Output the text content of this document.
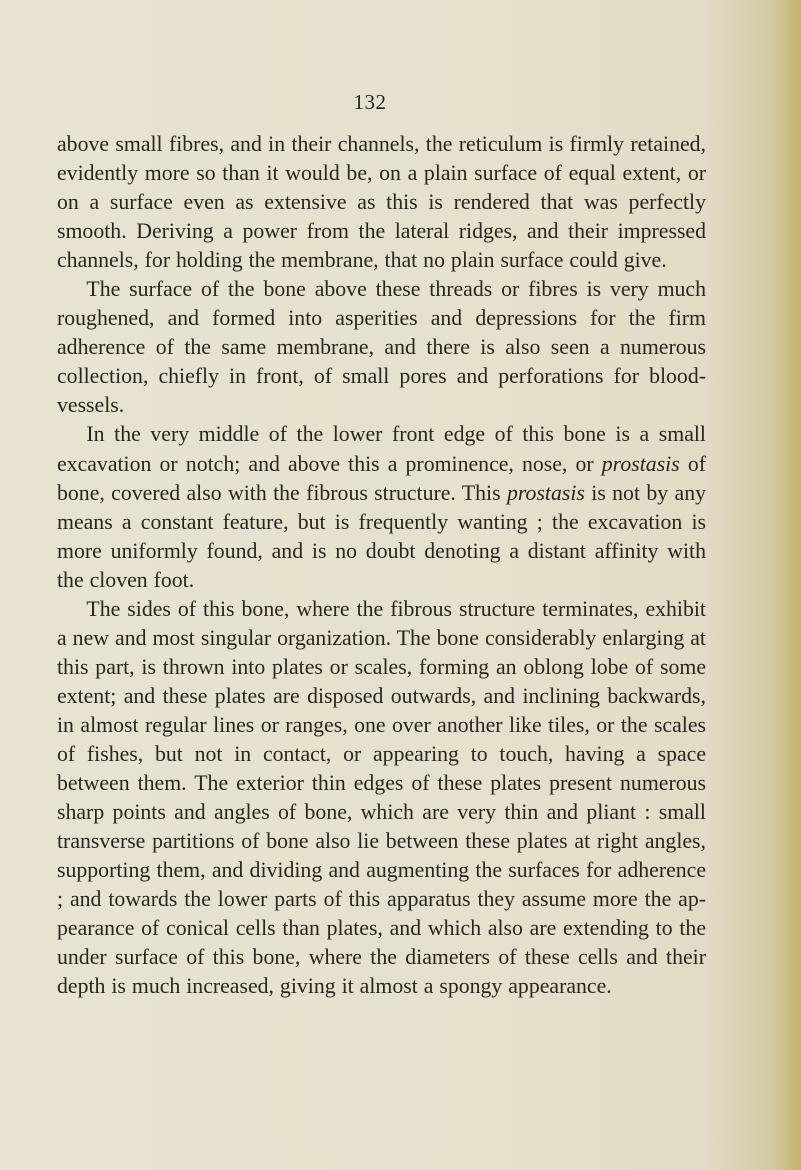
132

above small fibres, and in their channels, the reticulum is firmly retained, evidently more so than it would be, on a plain surface of equal extent, or on a surface even as extensive as this is rendered that was perfectly smooth. Deriving a power from the lateral ridges, and their impressed channels, for holding the membrane, that no plain surface could give.

The surface of the bone above these threads or fibres is very much roughened, and formed into asperities and depressions for the firm adherence of the same membrane, and there is also seen a numerous collection, chiefly in front, of small pores and perforations for bloodvessels.

In the very middle of the lower front edge of this bone is a small excavation or notch; and above this a prominence, nose, or prostasis of bone, covered also with the fibrous structure. This prostasis is not by any means a constant feature, but is frequently wanting ; the excavation is more uniformly found, and is no doubt denoting a distant affinity with the cloven foot.

The sides of this bone, where the fibrous structure terminates, exhibit a new and most singular organization. The bone considerably enlarging at this part, is thrown into plates or scales, forming an oblong lobe of some extent; and these plates are disposed outwards, and inclining backwards, in almost regular lines or ranges, one over another like tiles, or the scales of fishes, but not in contact, or appearing to touch, having a space between them. The exterior thin edges of these plates present numerous sharp points and angles of bone, which are very thin and pliant : small transverse partitions of bone also lie between these plates at right angles, supporting them, and dividing and augmenting the surfaces for adherence ; and towards the lower parts of this apparatus they assume more the appearance of conical cells than plates, and which also are extending to the under surface of this bone, where the diameters of these cells and their depth is much increased, giving it almost a spongy appearance.
